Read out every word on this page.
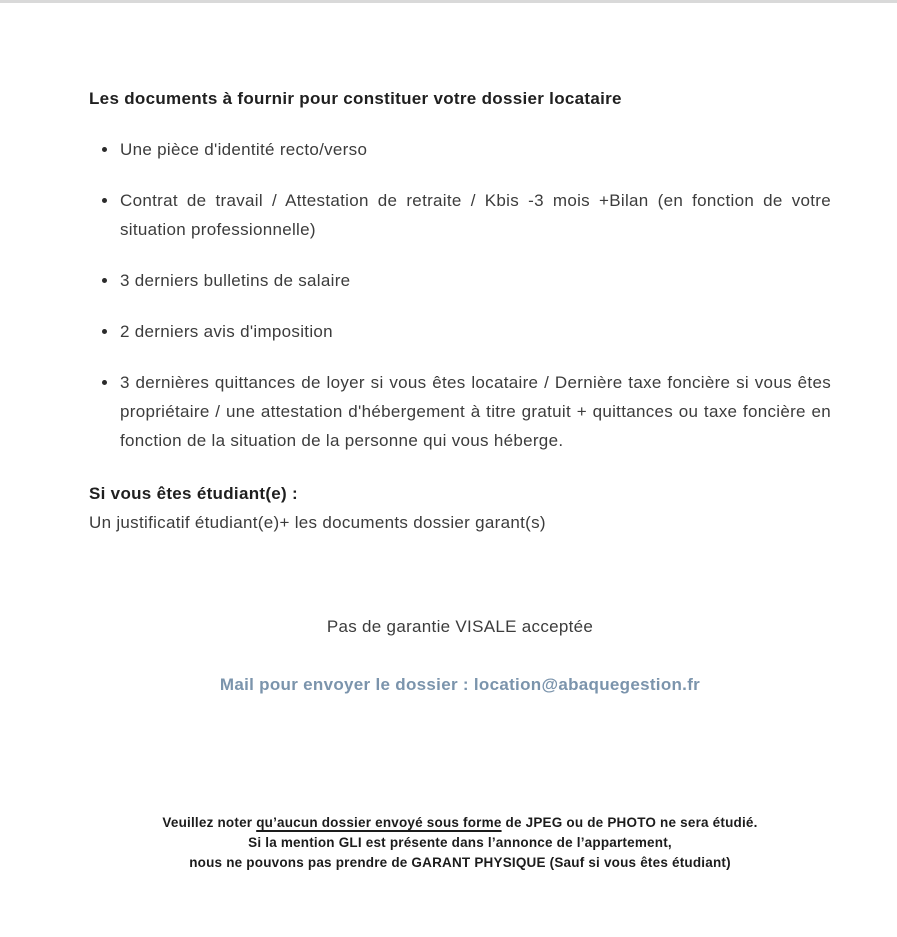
Les documents à fournir pour constituer votre dossier locataire
Une pièce d'identité recto/verso
Contrat de travail / Attestation de retraite / Kbis -3 mois +Bilan (en fonction de votre situation professionnelle)
3 derniers bulletins de salaire
2 derniers avis d'imposition
3 dernières quittances de loyer si vous êtes locataire / Dernière taxe foncière si vous êtes propriétaire / une attestation d'hébergement à titre gratuit + quittances ou taxe foncière en fonction de la situation de la personne qui vous héberge.

Si vous êtes étudiant(e) :

Un justificatif étudiant(e)+ les documents dossier garant(s)

Pas de garantie VISALE acceptée

Mail pour envoyer le dossier : location@abaquegestion.fr

Veuillez noter qu’aucun dossier envoyé sous forme de JPEG ou de PHOTO ne sera étudié.

Si la mention GLI est présente dans l’annonce de l’appartement,

nous ne pouvons pas prendre de GARANT PHYSIQUE (Sauf si vous êtes étudiant)
